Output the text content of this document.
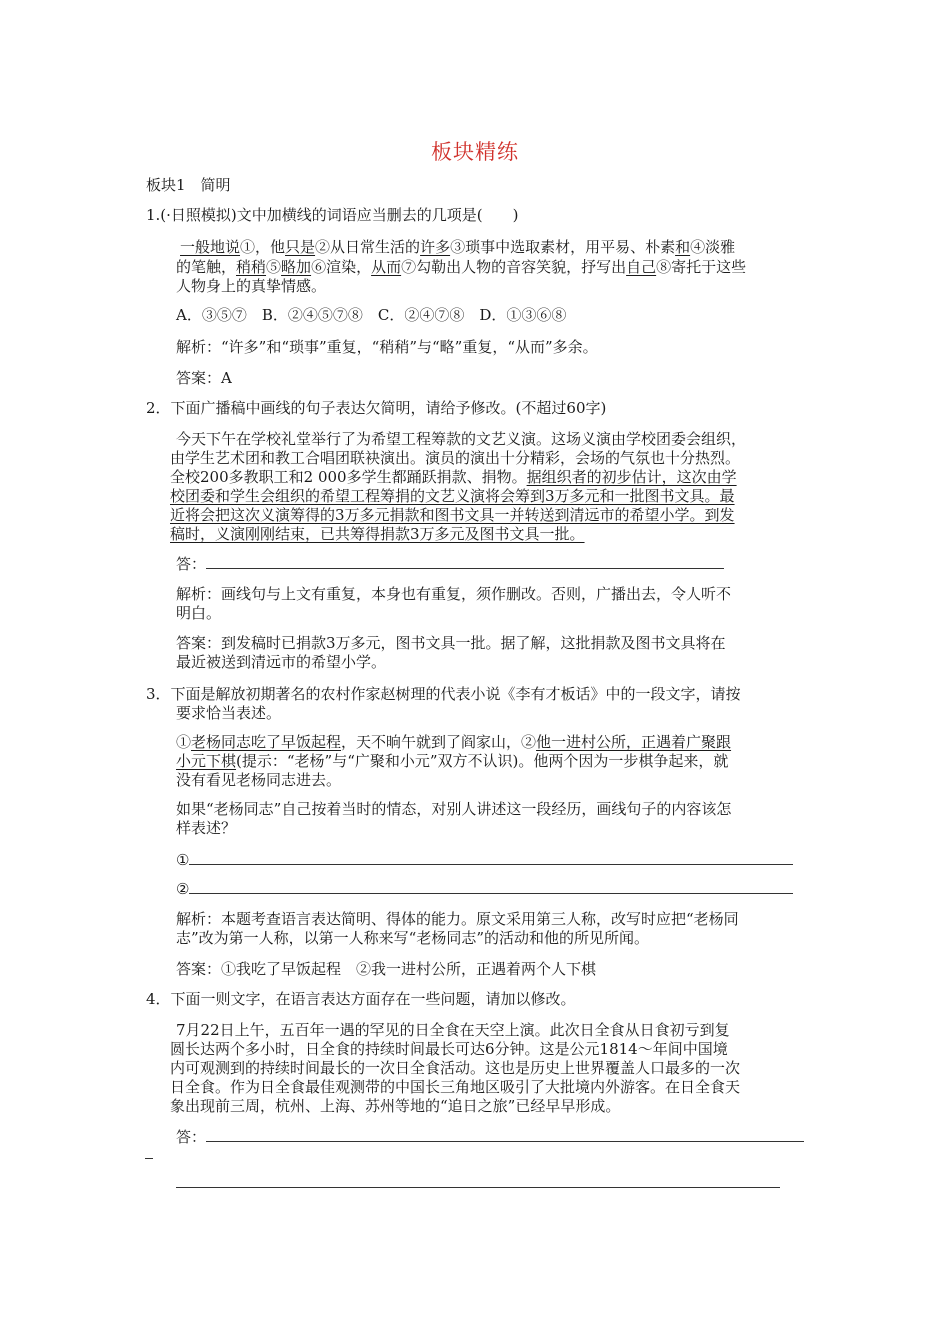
板块精练
板块1　简明
1.(·日照模拟)文中加横线的词语应当删去的几项是(　　)
一般地说①，他只是②从日常生活的许多③琐事中选取素材，用平易、朴素和④淡雅
的笔触，稍稍⑤略加⑥渲染，从而⑦勾勒出人物的音容笑貌，抒写出自己⑧寄托于这些
人物身上的真挚情感。
A．③⑤⑦　B．②④⑤⑦⑧　C．②④⑦⑧　D．①③⑥⑧
解析：“许多”和“琐事”重复，“稍稍”与“略”重复，“从而”多余。
答案：A
2．下面广播稿中画线的句子表达欠简明，请给予修改。(不超过60字)
今天下午在学校礼堂举行了为希望工程筹款的文艺义演。这场义演由学校团委会组织，
由学生艺术团和教工合唱团联袂演出。演员的演出十分精彩，会场的气氛也十分热烈。
全校200多教职工和2 000多学生都踊跃捐款、捐物。据组织者的初步估计，这次由学
校团委和学生会组织的希望工程筹捐的文艺义演将会筹到3万多元和一批图书文具。最
近将会把这次义演筹得的3万多元捐款和图书文具一并转送到清远市的希望小学。到发
稿时，义演刚刚结束，已共筹得捐款3万多元及图书文具一批。
答：
解析：画线句与上文有重复，本身也有重复，须作删改。否则，广播出去，令人听不
明白。
答案：到发稿时已捐款3万多元，图书文具一批。据了解，这批捐款及图书文具将在
最近被送到清远市的希望小学。
3．下面是解放初期著名的农村作家赵树理的代表小说《李有才板话》中的一段文字，请按
要求恰当表述。
①老杨同志吃了早饭起程，天不晌午就到了阎家山，②他一进村公所，正遇着广聚跟
小元下棋(提示：“老杨”与“广聚和小元”双方不认识)。他两个因为一步棋争起来，就
没有看见老杨同志进去。
如果“老杨同志”自己按着当时的情态，对别人讲述这一段经历，画线句子的内容该怎
样表述？
①
②
解析：本题考查语言表达简明、得体的能力。原文采用第三人称，改写时应把“老杨同
志”改为第一人称，以第一人称来写“老杨同志”的活动和他的所见所闻。
答案：①我吃了早饭起程　②我一进村公所，正遇着两个人下棋
4．下面一则文字，在语言表达方面存在一些问题，请加以修改。
7月22日上午，五百年一遇的罕见的日全食在天空上演。此次日全食从日食初亏到复
圆长达两个多小时，日全食的持续时间最长可达6分钟。这是公元1814～年间中国境
内可观测到的持续时间最长的一次日全食活动。这也是历史上世界覆盖人口最多的一次
日全食。作为日全食最佳观测带的中国长三角地区吸引了大批境内外游客。在日全食天
象出现前三周，杭州、上海、苏州等地的“追日之旅”已经早早形成。
答：
